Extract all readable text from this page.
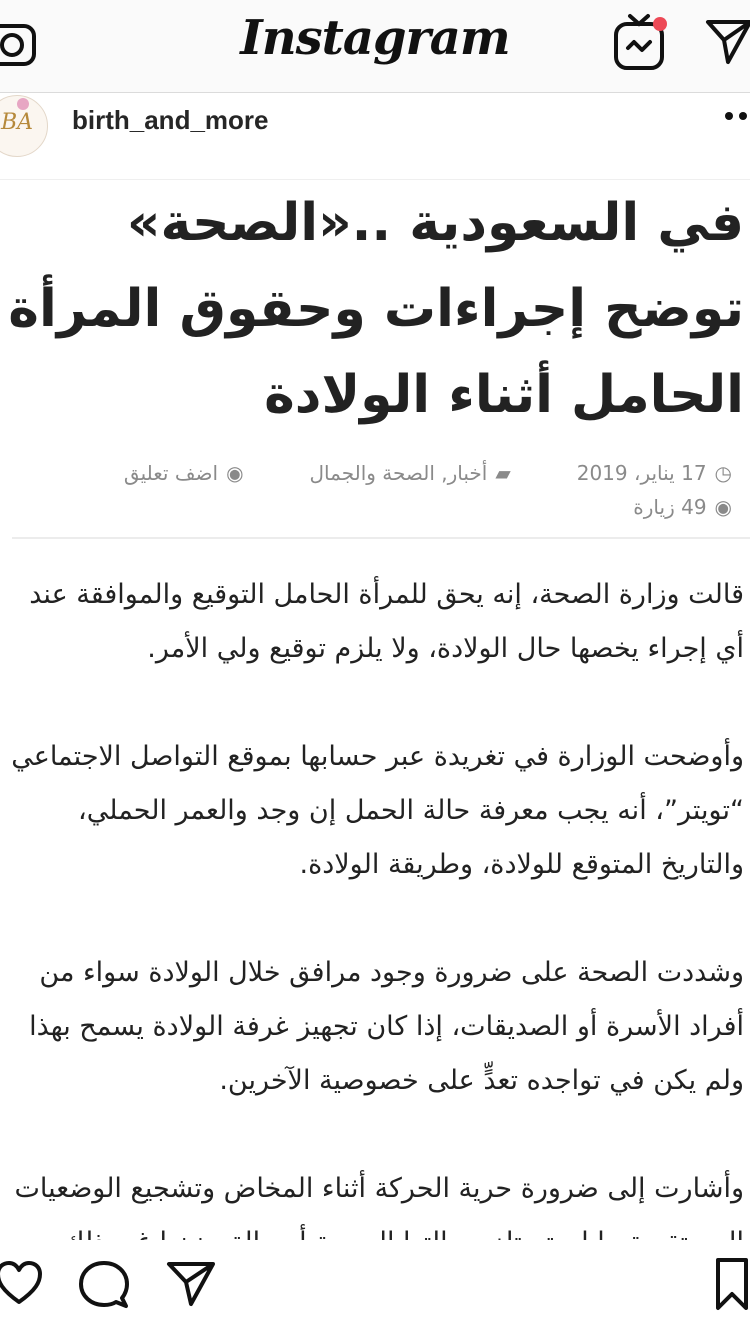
Instagram
BA birth_and_more
في السعودية ..«الصحة»
توضح إجراءات وحقوق المرأة
الحامل أثناء الولادة
◷
17 يناير، 2019
▰
أخبار, الصحة والجمال
◉
اضف تعليق
◉
49 زيارة

قالت وزارة الصحة، إنه يحق للمرأة الحامل التوقيع والموافقة عند أي إجراء يخصها حال الولادة، ولا يلزم توقيع ولي الأمر.

وأوضحت الوزارة في تغريدة عبر حسابها بموقع التواصل الاجتماعي “تويتر”، أنه يجب معرفة حالة الحمل إن وجد والعمر الحملي، والتاريخ المتوقع للولادة، وطريقة الولادة.

وشددت الصحة على ضرورة وجود مرافق خلال الولادة سواء من أفراد الأسرة أو الصديقات، إذا كان تجهيز غرفة الولادة يسمح بهذا ولم يكن في تواجده تعدٍّ على خصوصية الآخرين.

وأشارت إلى ضرورة حرية الحركة أثناء المخاض وتشجيع الوضعيات
